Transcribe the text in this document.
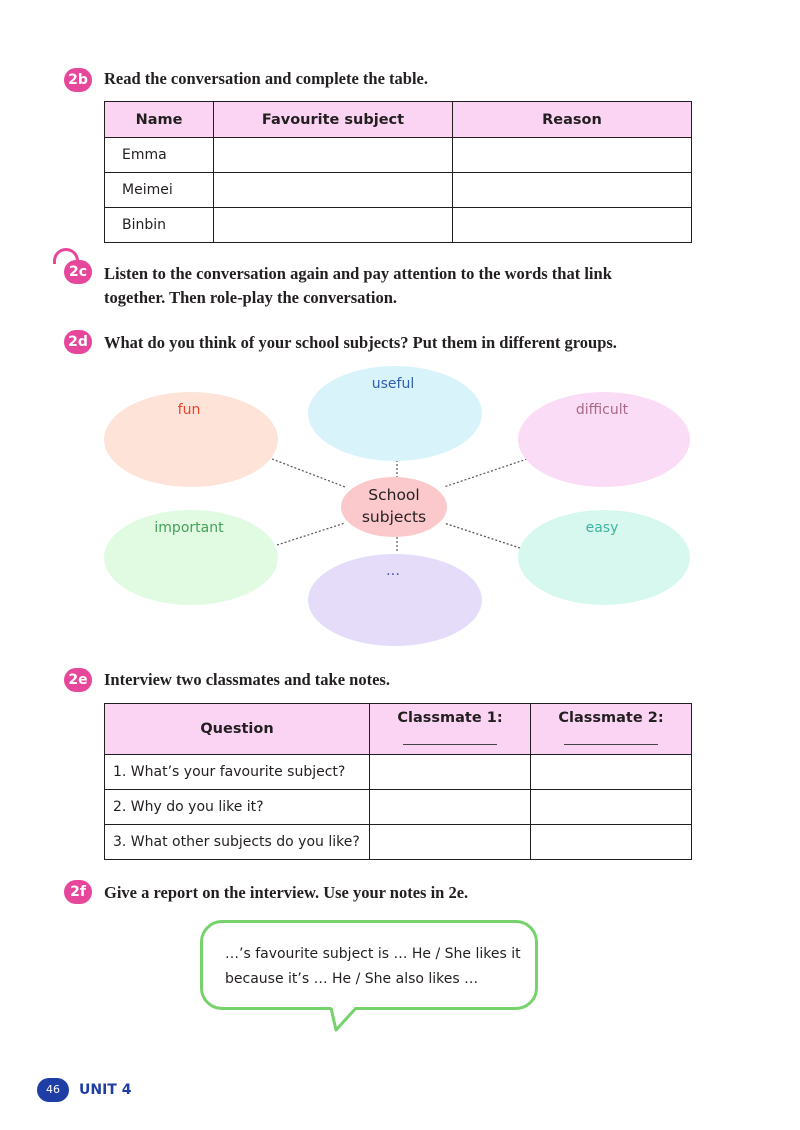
2b Read the conversation and complete the table.
Name	Favourite subject	Reason
Emma		
Meimei		
Binbin		
2c	Listen to the conversation again and pay attention to the words that link
together. Then role-play the conversation.
2d What do you think of your school subjects? Put them in different groups.
fun
useful
difficult
important
…
easy
School
subjects
2e Interview two classmates and take notes.
Question	Classmate 1:	Classmate 2:

1. What’s your favourite subject?		
2. Why do you like it?		
3. What other subjects do you like?		
2f	Give a report on the interview. Use your notes in 2e.
…’s favourite subject is … He / She likes it
because it’s … He / She also likes …
46	UNIT 4
